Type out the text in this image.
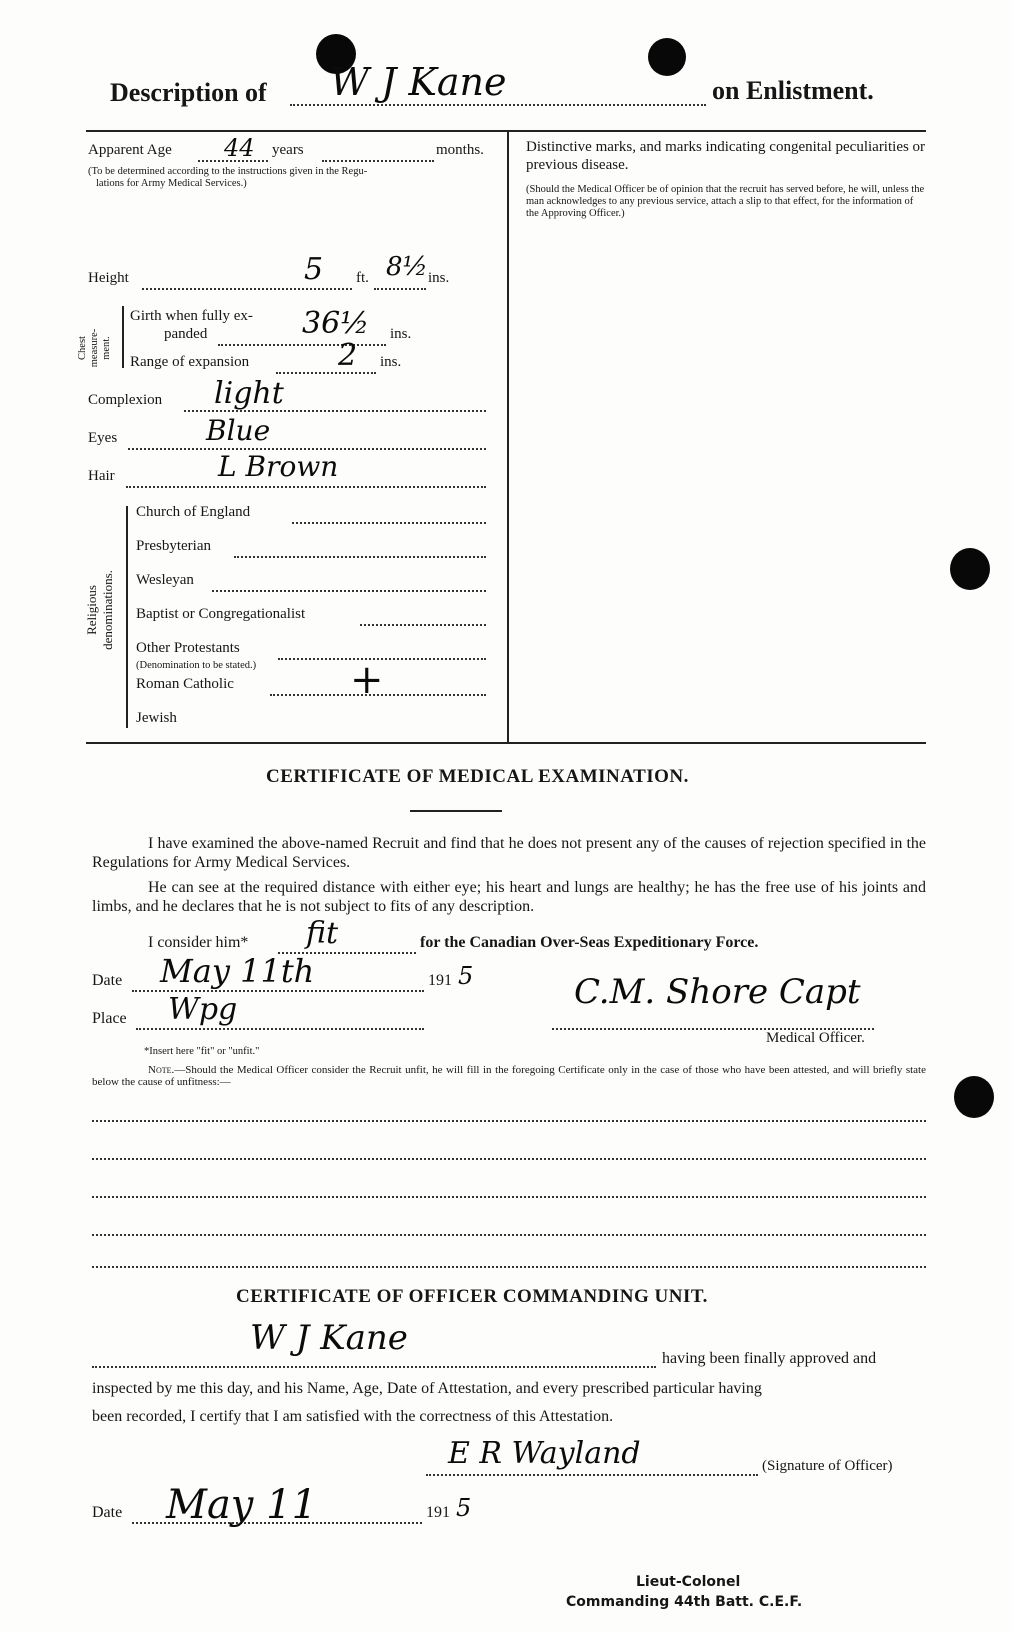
Description of W J Kane	on Enlistment.
Apparent Age 44 years	months.
(To be determined according to the instructions given in the Regu-
lations for Army Medical Services.)
Height	5 ft. 8½ ins.
Chest measure- ment.
Girth when fully ex-
panded	36½ ins.
Range of expansion	2 ins.
Complexion light
Eyes	Blue
Hair	L Brown
Religious denominations.
Church of England
Presbyterian
Wesleyan
Baptist or Congregationalist
Other Protestants
(Denomination to be stated.)
Roman Catholic	+
Jewish
Distinctive marks, and marks indicating congenital peculiarities or previous disease.
(Should the Medical Officer be of opinion that the recruit has served before, he will, unless the man acknowledges to any previous service, attach a slip to that effect, for the information of the Approving Officer.)
CERTIFICATE OF MEDICAL EXAMINATION.
I have examined the above-named Recruit and find that he does not present any of the causes of rejection specified in the Regulations for Army Medical Services.
He can see at the required distance with either eye; his heart and lungs are healthy; he has the free use of his joints and limbs, and he declares that he is not subject to fits of any description.
I consider him* fit	for the Canadian Over-Seas Expeditionary Force.
Date May 11th	191 5
Place Wpg	C.M. Shore Capt
Medical Officer.
*Insert here "fit" or "unfit."
Note.—Should the Medical Officer consider the Recruit unfit, he will fill in the foregoing Certificate only in the case of those who have been attested, and will briefly state below the cause of unfitness:—
CERTIFICATE OF OFFICER COMMANDING UNIT.
W J Kane
having been finally approved and
inspected by me this day, and his Name, Age, Date of Attestation, and every prescribed particular having
been recorded, I certify that I am satisfied with the correctness of this Attestation.
E R Wayland	(Signature of Officer)
Date May 11	191 5
Lieut-Colonel
Commanding 44th Batt. C.E.F.
